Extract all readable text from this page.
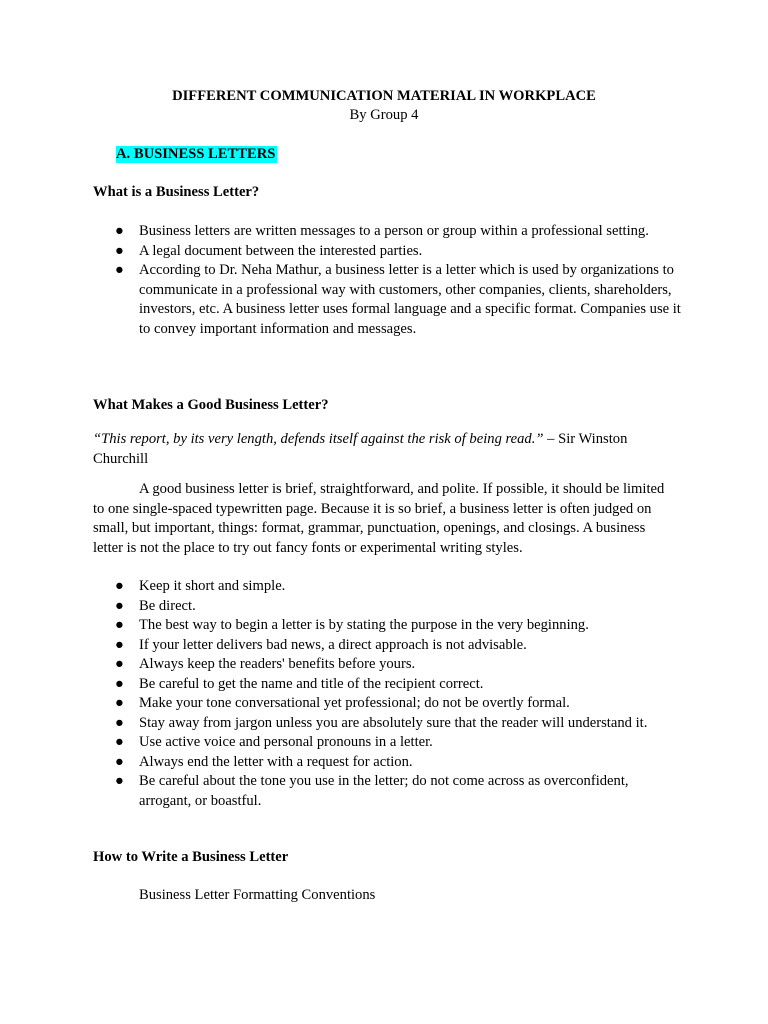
DIFFERENT COMMUNICATION MATERIAL IN WORKPLACE
By Group 4
A. BUSINESS LETTERS
What is a Business Letter?
● Business letters are written messages to a person or group within a professional setting.
● A legal document between the interested parties.
● According to Dr. Neha Mathur, a business letter is a letter which is used by organizations to communicate in a professional way with customers, other companies, clients, shareholders, investors, etc. A business letter uses formal language and a specific format. Companies use it to convey important information and messages.
What Makes a Good Business Letter?
“This report, by its very length, defends itself against the risk of being read.” – Sir Winston Churchill

A good business letter is brief, straightforward, and polite. If possible, it should be limited to one single-spaced typewritten page. Because it is so brief, a business letter is often judged on small, but important, things: format, grammar, punctuation, openings, and closings. A business letter is not the place to try out fancy fonts or experimental writing styles.

● Keep it short and simple.
● Be direct.
● The best way to begin a letter is by stating the purpose in the very beginning.
● If your letter delivers bad news, a direct approach is not advisable.
● Always keep the readers' benefits before yours.
● Be careful to get the name and title of the recipient correct.
● Make your tone conversational yet professional; do not be overtly formal.
● Stay away from jargon unless you are absolutely sure that the reader will understand it.
● Use active voice and personal pronouns in a letter.
● Always end the letter with a request for action.
● Be careful about the tone you use in the letter; do not come across as overconfident, arrogant, or boastful.
How to Write a Business Letter
Business Letter Formatting Conventions
